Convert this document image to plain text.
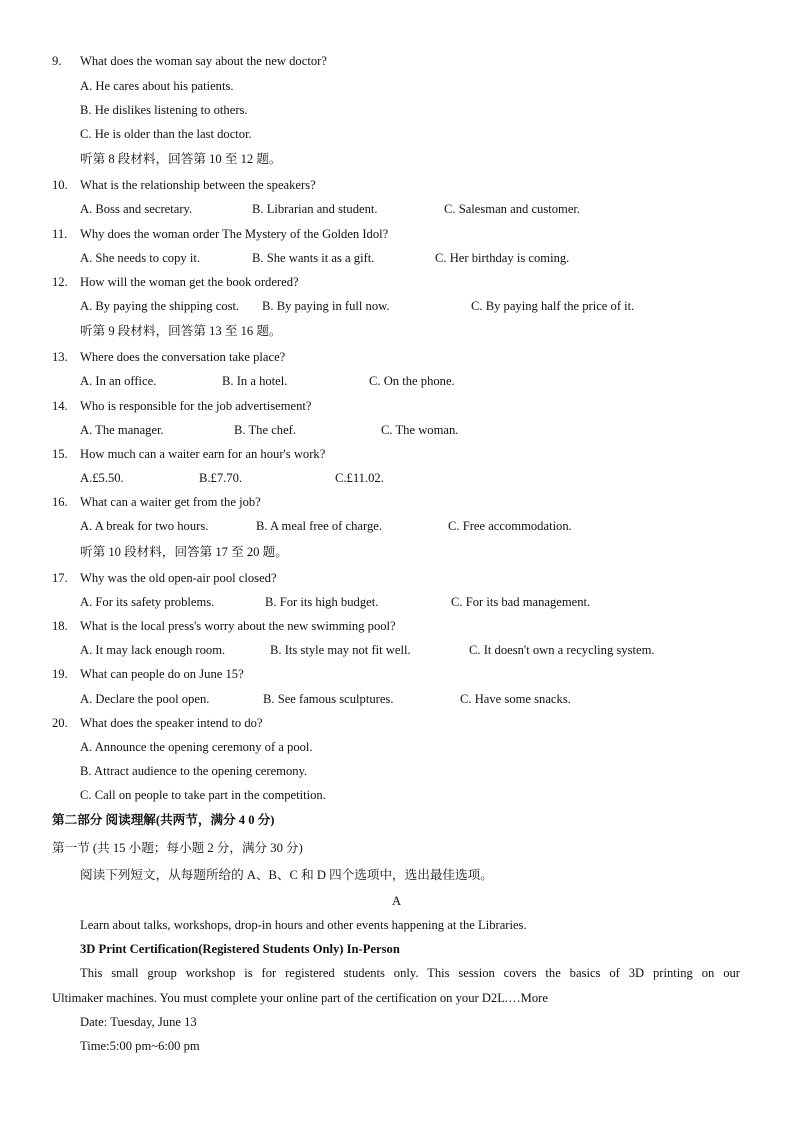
9. What does the woman say about the new doctor?
A. He cares about his patients.
B. He dislikes listening to others.
C. He is older than the last doctor.
听第 8 段材料，回答第 10 至 12 题。
10. What is the relationship between the speakers?
A. Boss and secretary.	B. Librarian and student.	C. Salesman and customer.
11. Why does the woman order The Mystery of the Golden Idol?
A. She needs to copy it.	B. She wants it as a gift.	C. Her birthday is coming.
12. How will the woman get the book ordered?
A. By paying the shipping cost. B. By paying in full now.	C. By paying half the price of it.
听第 9 段材料，回答第 13 至 16 题。
13. Where does the conversation take place?
A. In an office.	B. In a hotel.	C. On the phone.
14. Who is responsible for the job advertisement?
A. The manager.	B. The chef.	C. The woman.
15. How much can a waiter earn for an hour's work?
A.£5.50.	B.£7.70.	C.£11.02.
16. What can a waiter get from the job?
A. A break for two hours.	B. A meal free of charge.	C. Free accommodation.
听第 10 段材料，回答第 17 至 20 题。
17. Why was the old open-air pool closed?
A. For its safety problems.	B. For its high budget.	C. For its bad management.
18. What is the local press's worry about the new swimming pool?
A. It may lack enough room.	B. Its style may not fit well.	C. It doesn't own a recycling system.
19. What can people do on June 15?
A. Declare the pool open.	B. See famous sculptures.	C. Have some snacks.
20. What does the speaker intend to do?
A. Announce the opening ceremony of a pool.
B. Attract audience to the opening ceremony.
C. Call on people to take part in the competition.
第二部分 阅读理解(共两节，满分 4 0 分)
第一节 (共 15 小题；每小题 2 分，满分 30 分)
阅读下列短文，从每题所给的 A、B、C 和 D 四个选项中，选出最佳选项。
A
Learn about talks, workshops, drop-in hours and other events happening at the Libraries.
3D Print Certification(Registered Students Only) In-Person
This small group workshop is for registered students only. This session covers the basics of 3D printing on our
Ultimaker machines. You must complete your online part of the certification on your D2L.…More
Date: Tuesday, June 13
Time:5:00 pm~6:00 pm
